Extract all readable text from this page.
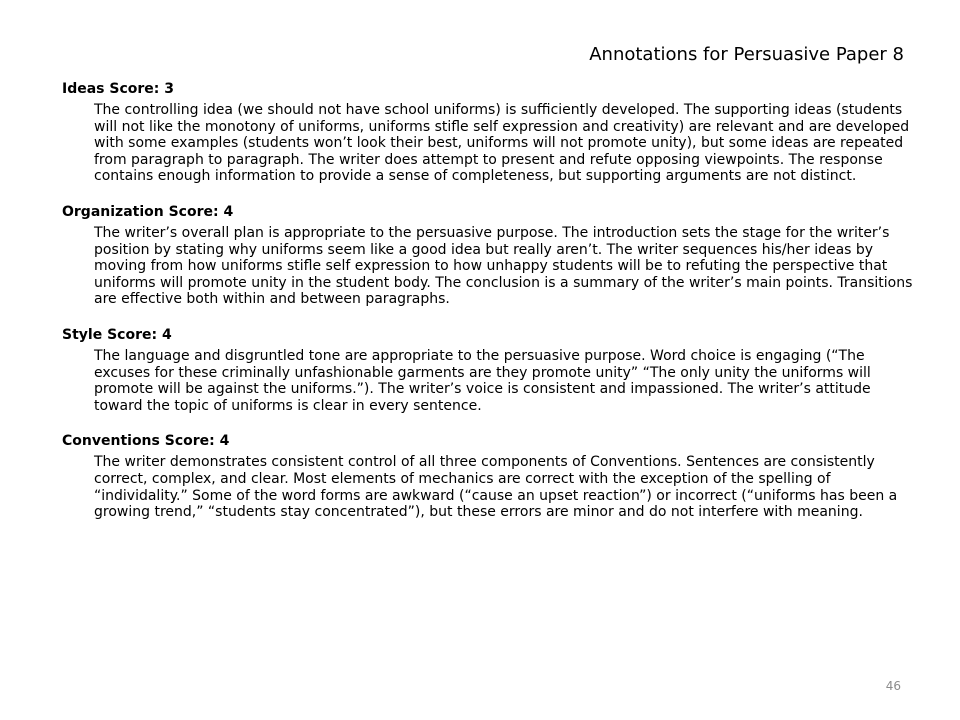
Annotations for Persuasive Paper 8
Ideas Score: 3
The controlling idea (we should not have school uniforms) is sufficiently developed. The supporting ideas (students will not like the monotony of uniforms, uniforms stifle self expression and creativity) are relevant and are developed with some examples (students won’t look their best, uniforms will not promote unity), but some ideas are repeated from paragraph to paragraph. The writer does attempt to present and refute opposing viewpoints. The response contains enough information to provide a sense of completeness, but supporting arguments are not distinct.
Organization Score: 4
The writer’s overall plan is appropriate to the persuasive purpose. The introduction sets the stage for the writer’s position by stating why uniforms seem like a good idea but really aren’t. The writer sequences his/her ideas by moving from how uniforms stifle self expression to how unhappy students will be to refuting the perspective that uniforms will promote unity in the student body. The conclusion is a summary of the writer’s main points. Transitions are effective both within and between paragraphs.
Style Score: 4
The language and disgruntled tone are appropriate to the persuasive purpose. Word choice is engaging (“The excuses for these criminally unfashionable garments are they promote unity” “The only unity the uniforms will promote will be against the uniforms.”). The writer’s voice is consistent and impassioned. The writer’s attitude toward the topic of uniforms is clear in every sentence.
Conventions Score: 4
The writer demonstrates consistent control of all three components of Conventions. Sentences are consistently correct, complex, and clear. Most elements of mechanics are correct with the exception of the spelling of “individality.” Some of the word forms are awkward (“cause an upset reaction”) or incorrect (“uniforms has been a growing trend,” “students stay concentrated”), but these errors are minor and do not interfere with meaning.
46
